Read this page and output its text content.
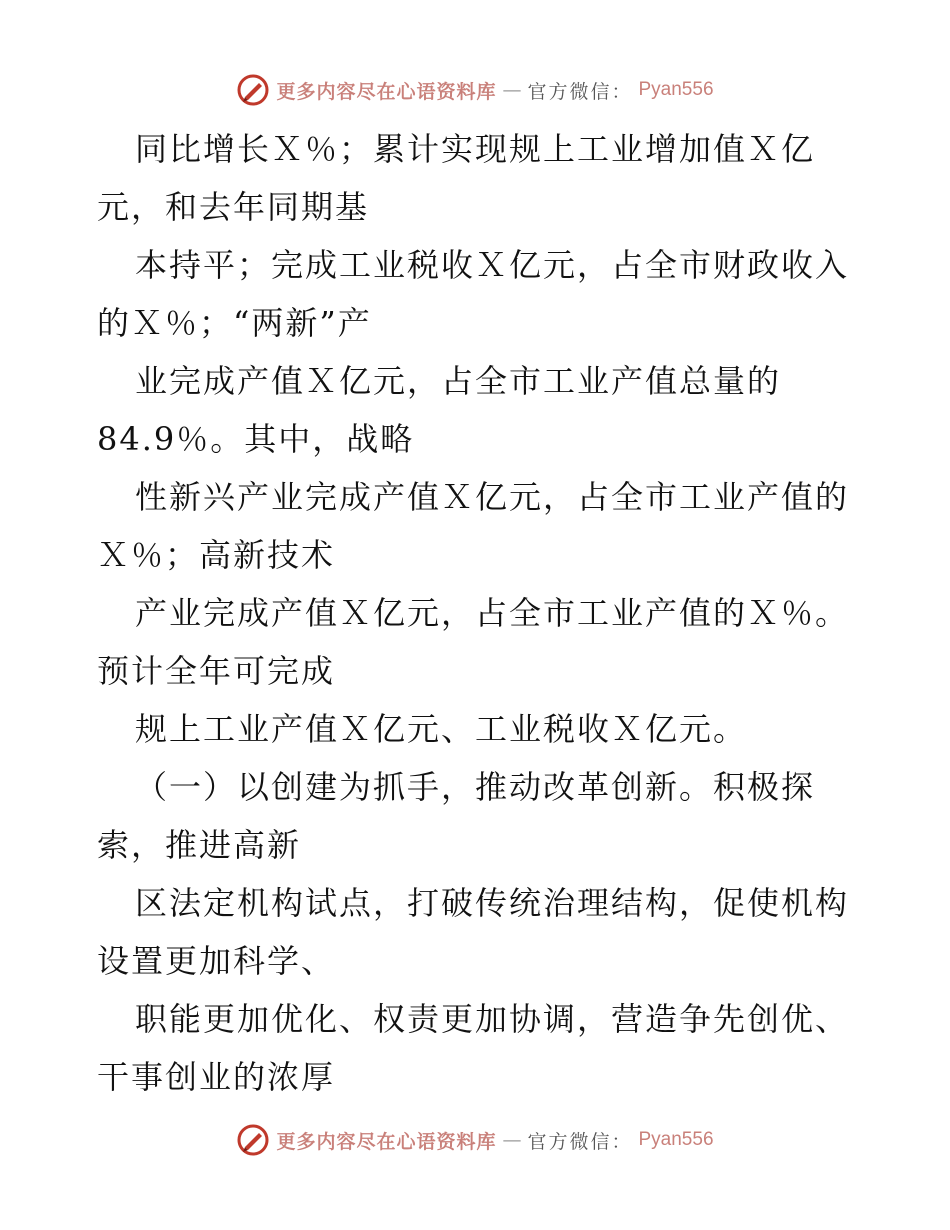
更多内容尽在心语资料库 — 官方微信： Pyan556
同比增长Ｘ％；累计实现规上工业增加值Ｘ亿
元，和去年同期基
本持平；完成工业税收Ｘ亿元，占全市财政收入
的Ｘ％；“两新”产
业完成产值Ｘ亿元，占全市工业产值总量的
84.9％。其中，战略
性新兴产业完成产值Ｘ亿元，占全市工业产值的
Ｘ％；高新技术
产业完成产值Ｘ亿元，占全市工业产值的Ｘ％。
预计全年可完成
规上工业产值Ｘ亿元、工业税收Ｘ亿元。
（一）以创建为抓手，推动改革创新。积极探
索，推进高新
区法定机构试点，打破传统治理结构，促使机构
设置更加科学、
职能更加优化、权责更加协调，营造争先创优、
干事创业的浓厚
更多内容尽在心语资料库 — 官方微信： Pyan556
